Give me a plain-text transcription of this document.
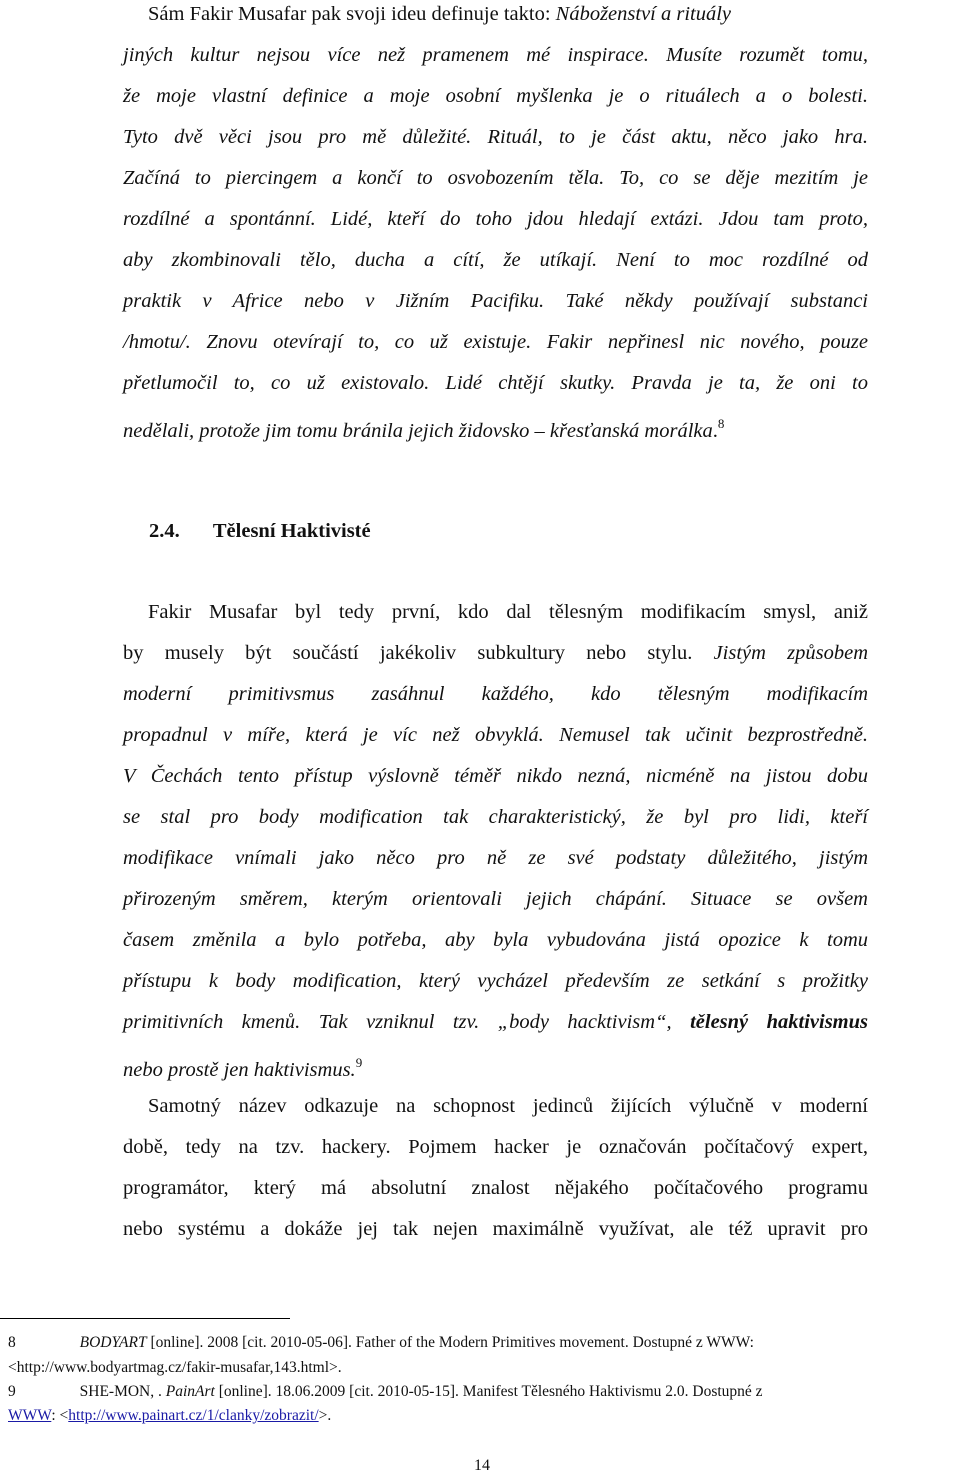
Sám Fakir Musafar pak svoji ideu definuje takto: Náboženství a rituály
jiných kultur nejsou více než pramenem mé inspirace. Musíte rozumět tomu,
že moje vlastní definice a moje osobní myšlenka je o rituálech a o bolesti.
Tyto dvě věci jsou pro mě důležité. Rituál, to je část aktu, něco jako hra.
Začíná to piercingem a končí to osvobozením těla. To, co se děje mezitím je
rozdílné a spontánní. Lidé, kteří do toho jdou hledají extázi. Jdou tam proto,
aby zkombinovali tělo, ducha a cítí, že utíkají. Není to moc rozdílné od
praktik v Africe nebo v Jižním Pacifiku. Také někdy používají substanci
/hmotu/. Znovu otevírají to, co už existuje. Fakir nepřinesl nic nového, pouze
přetlumočil to, co už existovalo. Lidé chtějí skutky. Pravda je ta, že oni to
nedělali, protože jim tomu bránila jejich židovsko – křesťanská morálka.$^8$
2.4. Tělesní Haktivisté
Fakir Musafar byl tedy první, kdo dal tělesným modifikacím smysl, aniž
by musely být součástí jakékoliv subkultury nebo stylu. Jistým způsobem
moderní primitivsmus zasáhnul každého, kdo tělesným modifikacím
propadnul v míře, která je víc než obvyklá. Nemusel tak učinit bezprostředně.
V Čechách tento přístup výslovně téměř nikdo nezná, nicméně na jistou dobu
se stal pro body modification tak charakteristický, že byl pro lidi, kteří
modifikace vnímali jako něco pro ně ze své podstaty důležitého, jistým
přirozeným směrem, kterým orientovali jejich chápání. Situace se ovšem
časem změnila a bylo potřeba, aby byla vybudována jistá opozice k tomu
přístupu k body modification, který vycházel především ze setkání s prožitky
primitivních kmenů. Tak vzniknul tzv. „body hacktivism“, tělesný haktivismus
nebo prostě jen haktivismus.$^9$
Samotný název odkazuje na schopnost jedinců žijících výlučně v moderní
době, tedy na tzv. hackery. Pojmem hacker je označován počítačový expert,
programátor, který má absolutní znalost nějakého počítačového programu
nebo systému a dokáže jej tak nejen maximálně využívat, ale též upravit pro
8	BODYART [online]. 2008 [cit. 2010-05-06]. Father of the Modern Primitives movement. Dostupné z WWW:
<http://www.bodyartmag.cz/fakir-musafar,143.html>.
9	SHE-MON, . PainArt [online]. 18.06.2009 [cit. 2010-05-15]. Manifest Tělesného Haktivismu 2.0. Dostupné z
WWW: <http://www.painart.cz/1/clanky/zobrazit/>.
14
